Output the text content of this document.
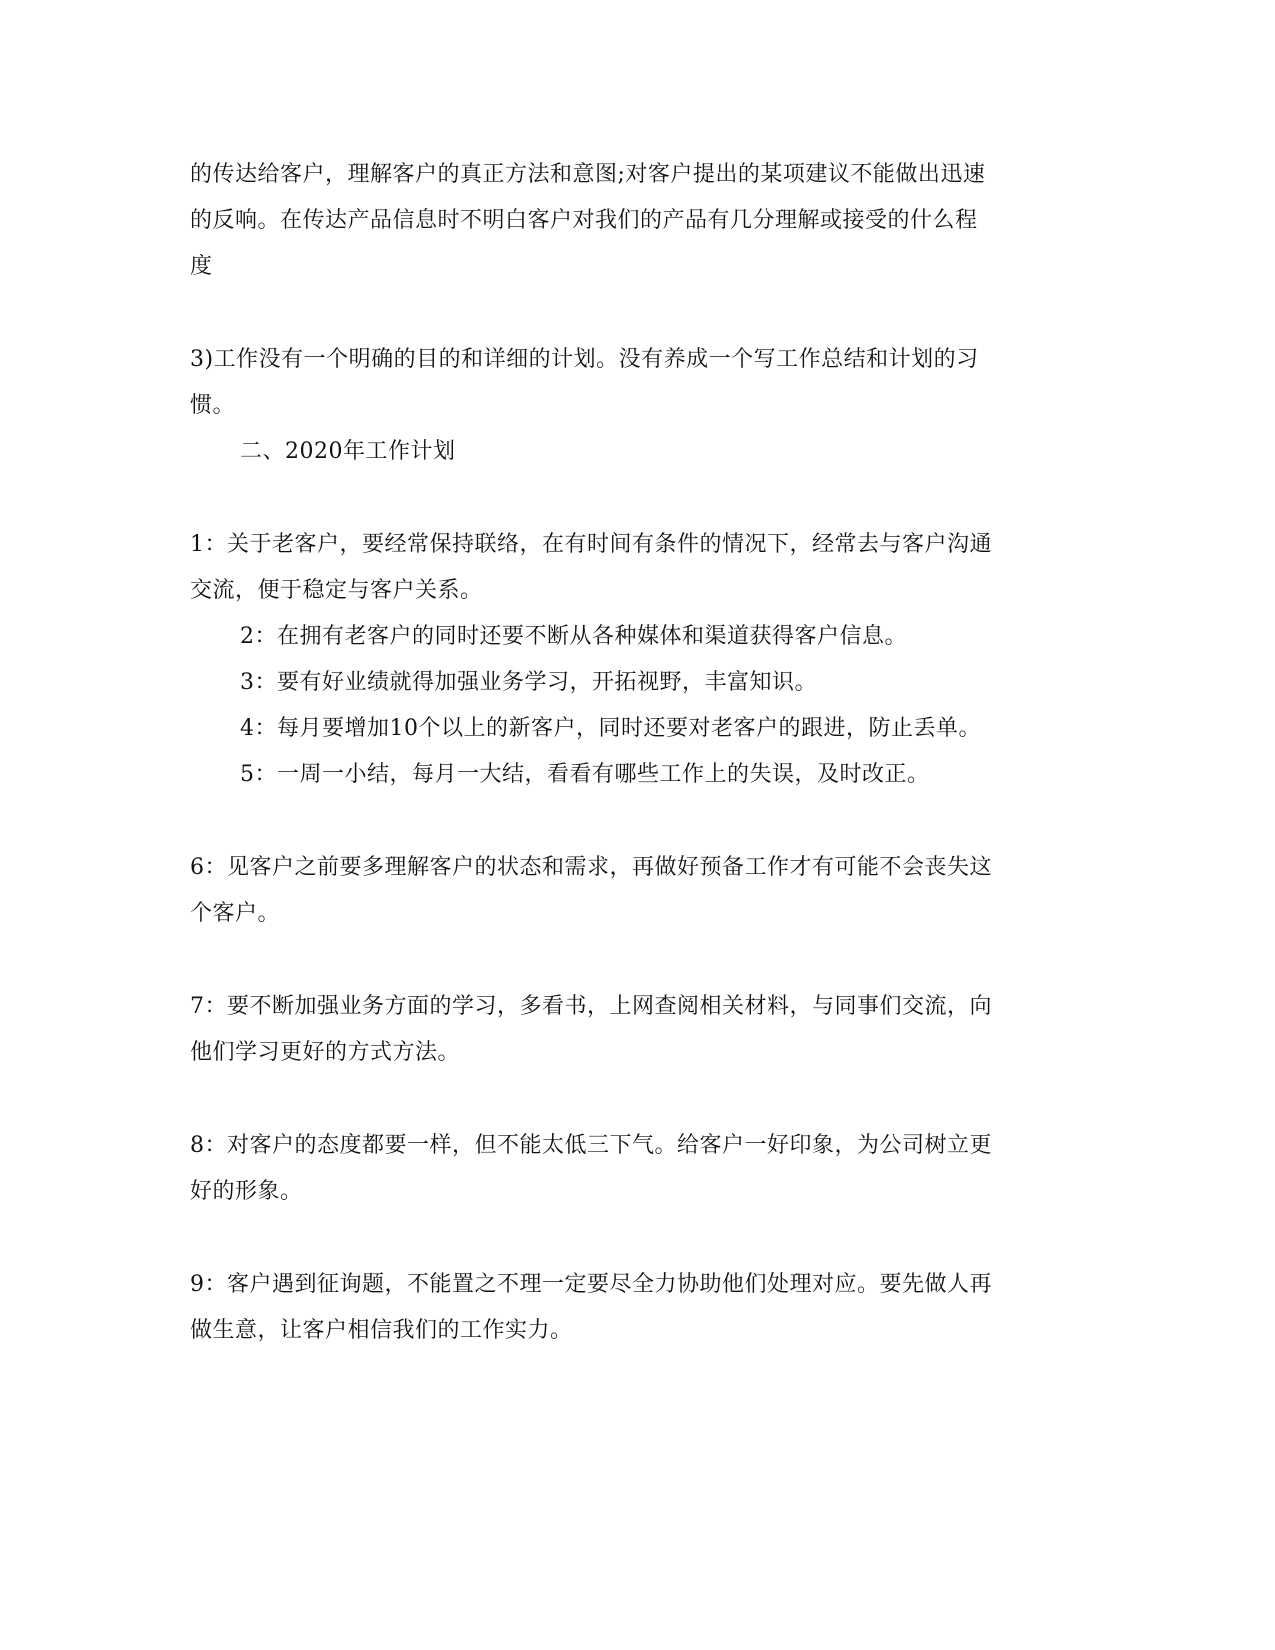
的传达给客户，理解客户的真正方法和意图;对客户提出的某项建议不能做出迅速
的反响。在传达产品信息时不明白客户对我们的产品有几分理解或接受的什么程
度
3)工作没有一个明确的目的和详细的计划。没有养成一个写工作总结和计划的习
惯。
二、2020年工作计划
1：关于老客户，要经常保持联络，在有时间有条件的情况下，经常去与客户沟通
交流，便于稳定与客户关系。
2：在拥有老客户的同时还要不断从各种媒体和渠道获得客户信息。
3：要有好业绩就得加强业务学习，开拓视野，丰富知识。
4：每月要增加10个以上的新客户，同时还要对老客户的跟进，防止丢单。
5：一周一小结，每月一大结，看看有哪些工作上的失误，及时改正。
6：见客户之前要多理解客户的状态和需求，再做好预备工作才有可能不会丧失这
个客户。
7：要不断加强业务方面的学习，多看书，上网查阅相关材料，与同事们交流，向
他们学习更好的方式方法。
8：对客户的态度都要一样，但不能太低三下气。给客户一好印象，为公司树立更
好的形象。
9：客户遇到征询题，不能置之不理一定要尽全力协助他们处理对应。要先做人再
做生意，让客户相信我们的工作实力。
